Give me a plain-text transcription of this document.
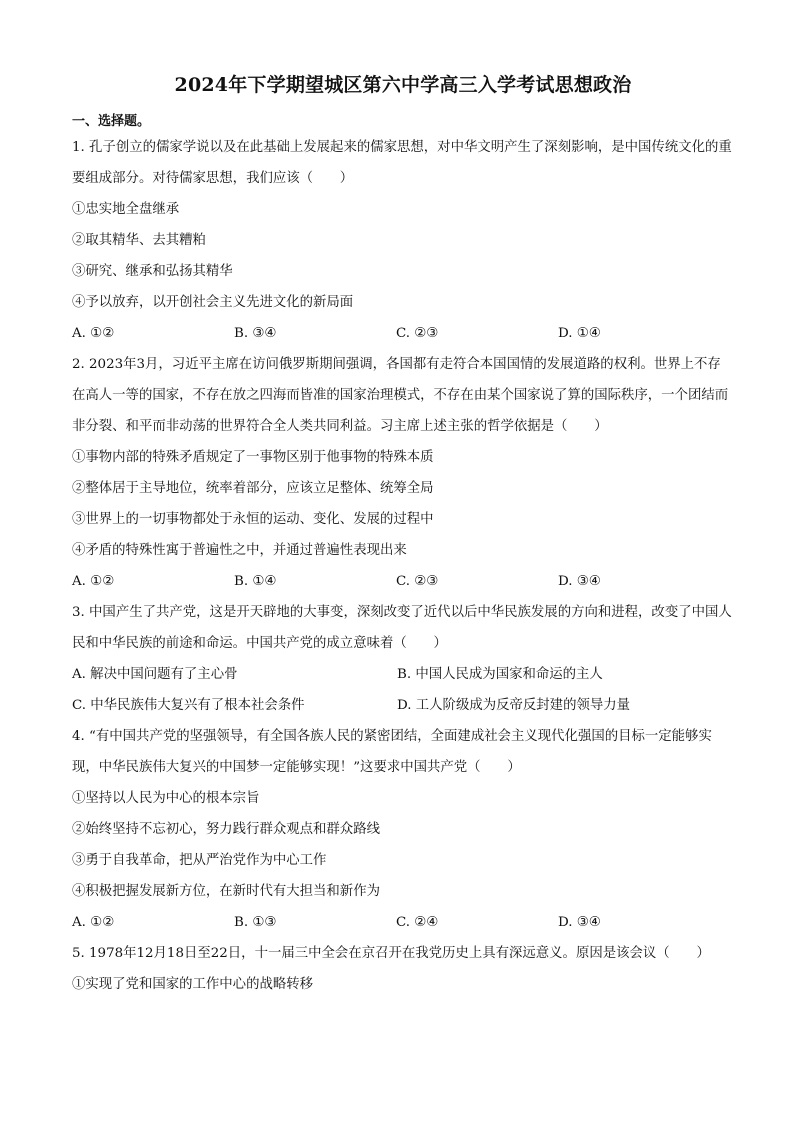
2024年下学期望城区第六中学高三入学考试思想政治
一、选择题。
1. 孔子创立的儒家学说以及在此基础上发展起来的儒家思想，对中华文明产生了深刻影响，是中国传统文化的重要组成部分。对待儒家思想，我们应该（　　）
①忠实地全盘继承
②取其精华、去其糟粕
③研究、继承和弘扬其精华
④予以放弃，以开创社会主义先进文化的新局面
A. ①②	B. ③④	C. ②③	D. ①④
2. 2023年3月，习近平主席在访问俄罗斯期间强调，各国都有走符合本国国情的发展道路的权利。世界上不存在高人一等的国家，不存在放之四海而皆准的国家治理模式，不存在由某个国家说了算的国际秩序，一个团结而非分裂、和平而非动荡的世界符合全人类共同利益。习主席上述主张的哲学依据是（　　）
①事物内部的特殊矛盾规定了一事物区别于他事物的特殊本质
②整体居于主导地位，统率着部分，应该立足整体、统筹全局
③世界上的一切事物都处于永恒的运动、变化、发展的过程中
④矛盾的特殊性寓于普遍性之中，并通过普遍性表现出来
A. ①②	B. ①④	C. ②③	D. ③④
3. 中国产生了共产党，这是开天辟地的大事变，深刻改变了近代以后中华民族发展的方向和进程，改变了中国人民和中华民族的前途和命运。中国共产党的成立意味着（　　）
A. 解决中国问题有了主心骨	B. 中国人民成为国家和命运的主人
C. 中华民族伟大复兴有了根本社会条件	D. 工人阶级成为反帝反封建的领导力量
4. “有中国共产党的坚强领导，有全国各族人民的紧密团结，全面建成社会主义现代化强国的目标一定能够实现，中华民族伟大复兴的中国梦一定能够实现！”这要求中国共产党（　　）
①坚持以人民为中心的根本宗旨
②始终坚持不忘初心，努力践行群众观点和群众路线
③勇于自我革命，把从严治党作为中心工作
④积极把握发展新方位，在新时代有大担当和新作为
A. ①②	B. ①③	C. ②④	D. ③④
5. 1978年12月18日至22日，十一届三中全会在京召开在我党历史上具有深远意义。原因是该会议（　　）
①实现了党和国家的工作中心的战略转移
